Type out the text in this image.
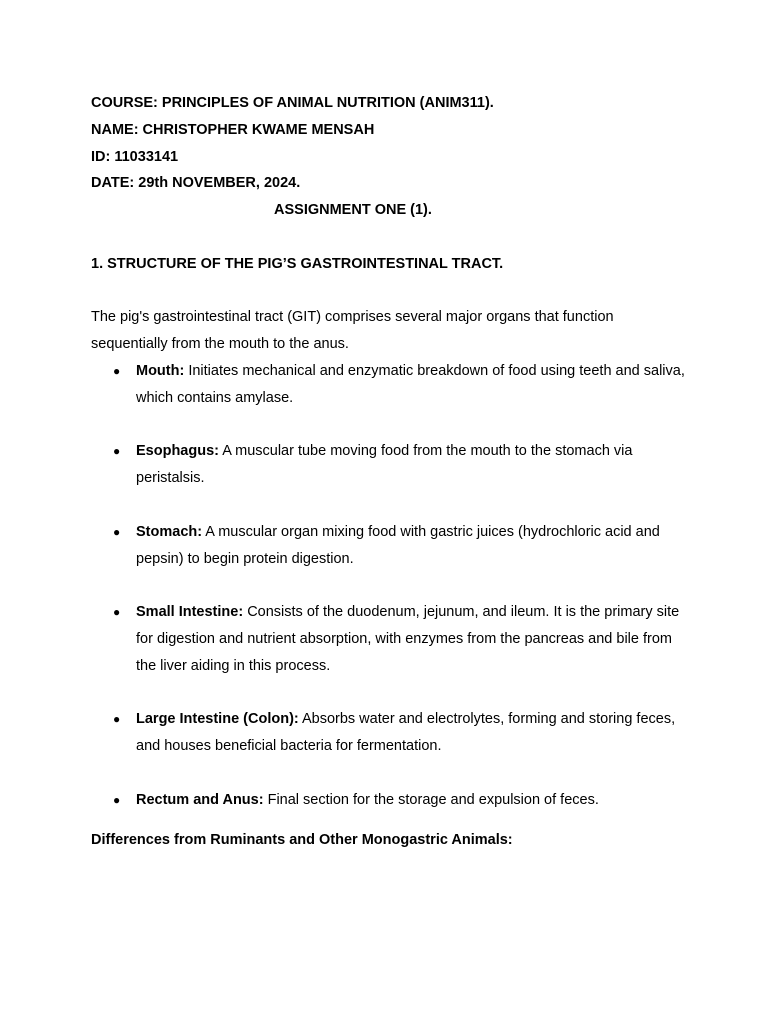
COURSE: PRINCIPLES OF ANIMAL NUTRITION (ANIM311).

NAME: CHRISTOPHER KWAME MENSAH

ID: 11033141

DATE: 29th NOVEMBER, 2024.

ASSIGNMENT ONE (1).

1. STRUCTURE OF THE PIG’S GASTROINTESTINAL TRACT.

The pig's gastrointestinal tract (GIT) comprises several major organs that function sequentially from the mouth to the anus.

● Mouth: Initiates mechanical and enzymatic breakdown of food using teeth and saliva, which contains amylase.
● Esophagus: A muscular tube moving food from the mouth to the stomach via peristalsis.
● Stomach: A muscular organ mixing food with gastric juices (hydrochloric acid and pepsin) to begin protein digestion.
● Small Intestine: Consists of the duodenum, jejunum, and ileum. It is the primary site for digestion and nutrient absorption, with enzymes from the pancreas and bile from the liver aiding in this process.
● Large Intestine (Colon): Absorbs water and electrolytes, forming and storing feces, and houses beneficial bacteria for fermentation.
● Rectum and Anus: Final section for the storage and expulsion of feces.

Differences from Ruminants and Other Monogastric Animals:
